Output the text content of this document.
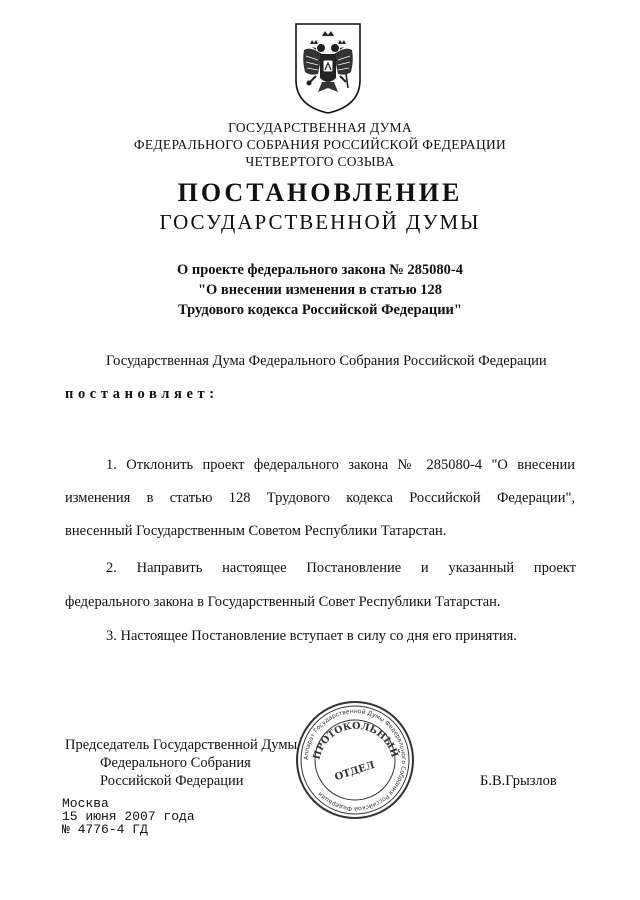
ГОСУДАРСТВЕННАЯ ДУМА
ФЕДЕРАЛЬНОГО СОБРАНИЯ РОССИЙСКОЙ ФЕДЕРАЦИИ
ЧЕТВЕРТОГО СОЗЫВА
ПОСТАНОВЛЕНИЕ
ГОСУДАРСТВЕННОЙ ДУМЫ
О проекте федерального закона № 285080-4
"О внесении изменения в статью 128
Трудового кодекса Российской Федерации"
Государственная Дума Федерального Собрания Российской Федерации
постановляет:
1. Отклонить проект федерального закона № 285080-4 "О внесении
изменения в статью 128 Трудового кодекса Российской Федерации",
внесенный Государственным Советом Республики Татарстан.
2. Направить настоящее Постановление и указанный проект
федерального закона в Государственный Совет Республики Татарстан.
3. Настоящее Постановление вступает в силу со дня его принятия.
Председатель Государственной Думы
Федерального Собрания
Российской Федерации	Б.В.Грызлов
Аппарат Государственной Думы Федерального Собрания Российской Федерации
ПРОТОКОЛЬНЫЙ
ОТДЕЛ
Москва
15 июня 2007 года
№ 4776-4 ГД
